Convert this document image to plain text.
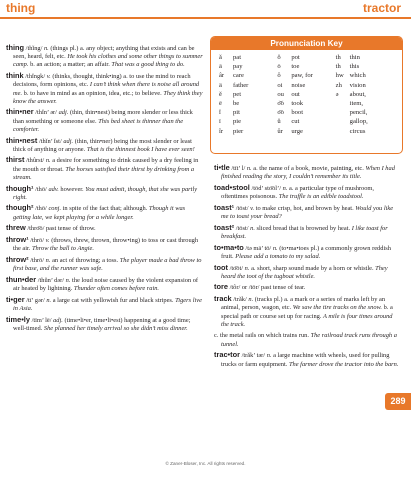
thing	tractor

thing /thĭng/ n. (things pl.) a. any object; anything that exists and can be seen, heard, felt, etc. He took his clothes and some other things to summer camp. b. an action; a matter; an affair. That was a good thing to do.

think /thĭngk/ v. (thinks, thought, think•ing) a. to use the mind to reach decisions, form opinions, etc. I can’t think when there is noise all around me. b. to have in mind as an opinion, idea, etc.; to believe. They think they know the answer.

thin•ner /thĭn’ ər/ adj. (thin, thin•nest) being more slender or less thick than something or someone else. This bed sheet is thinner than the comforter.

thin•nest /thĭn’ ĭst/ adj. (thin, thin•ner) being the most slender or least thick of anything or anyone. That is the thinnest book I have ever seen!

thirst /thûrst/ n. a desire for something to drink caused by a dry feeling in the mouth or throat. The horses satisfied their thirst by drinking from a stream.

though¹ /thō/ adv. however. You must admit, though, that she was partly right.

though² /thō/ conj. in spite of the fact that; although. Though it was getting late, we kept playing for a while longer.

threw /thro͞o/ past tense of throw.

throw¹ /thrō/ v. (throws, threw, thrown, throw•ing) to toss or cast through the air. Throw the ball to Angie.

throw² /thrō/ n. an act of throwing; a toss. The player made a bad throw to first base, and the runner was safe.

thun•der /thŭn’ dər/ n. the loud noise caused by the violent expansion of air heated by lightning. Thunder often comes before rain.

ti•ger /tī’ gər/ n. a large cat with yellowish fur and black stripes. Tigers live in Asia.

time•ly /tīm’ lē/ adj. (time•li•er, time•li•est) happening at a good time; well-timed. She planned her timely arrival so she didn’t miss dinner.

Pronunciation Key
ă pat	ŏ pot	th thin
ā pay	ō toe	th this
âr care	ô paw, for	hw which
ä father	oi noise	zh vision
ĕ pet	ou out	ə about,
ē be	o͝o took	item,
ĭ pit	o͞o boot	pencil,
ī pie	ŭ cut	gallop,
îr pier	ûr urge	circus

ti•tle /tīt’ l/ n. a. the name of a book, movie, painting, etc. When I had finished reading the story, I couldn’t remember its title.

toad•stool /tōd’ sto͞ol’/ n. a. a particular type of mushroom, oftentimes poisonous. The truffle is an edible toadstool.

toast¹ /tōst/ v. to make crisp, hot, and brown by heat. Would you like me to toast your bread?

toast² /tōst/ n. sliced bread that is browned by heat. I like toast for breakfast.

to•ma•to /tə mā’ tō/ n. (to•ma•toes pl.) a commonly grown reddish fruit. Please add a tomato to my salad.

toot /to͞ot/ n. a. short, sharp sound made by a horn or whistle. They heard the toot of the tugboat whistle.

tore /tôr/ or /tōr/ past tense of tear.

track /trăk/ n. (tracks pl.) a. a mark or a series of marks left by an animal, person, wagon, etc. We saw the tire tracks on the snow. b. a special path or course set up for racing. A mile is four times around the track.

c. the metal rails on which trains run. The railroad track runs through a tunnel.

trac•tor /trăk’ tər/ n. a large machine with wheels, used for pulling trucks or farm equipment. The farmer drove the tractor into the barn.

289
© Zaner-Bloser, Inc. All rights reserved.
